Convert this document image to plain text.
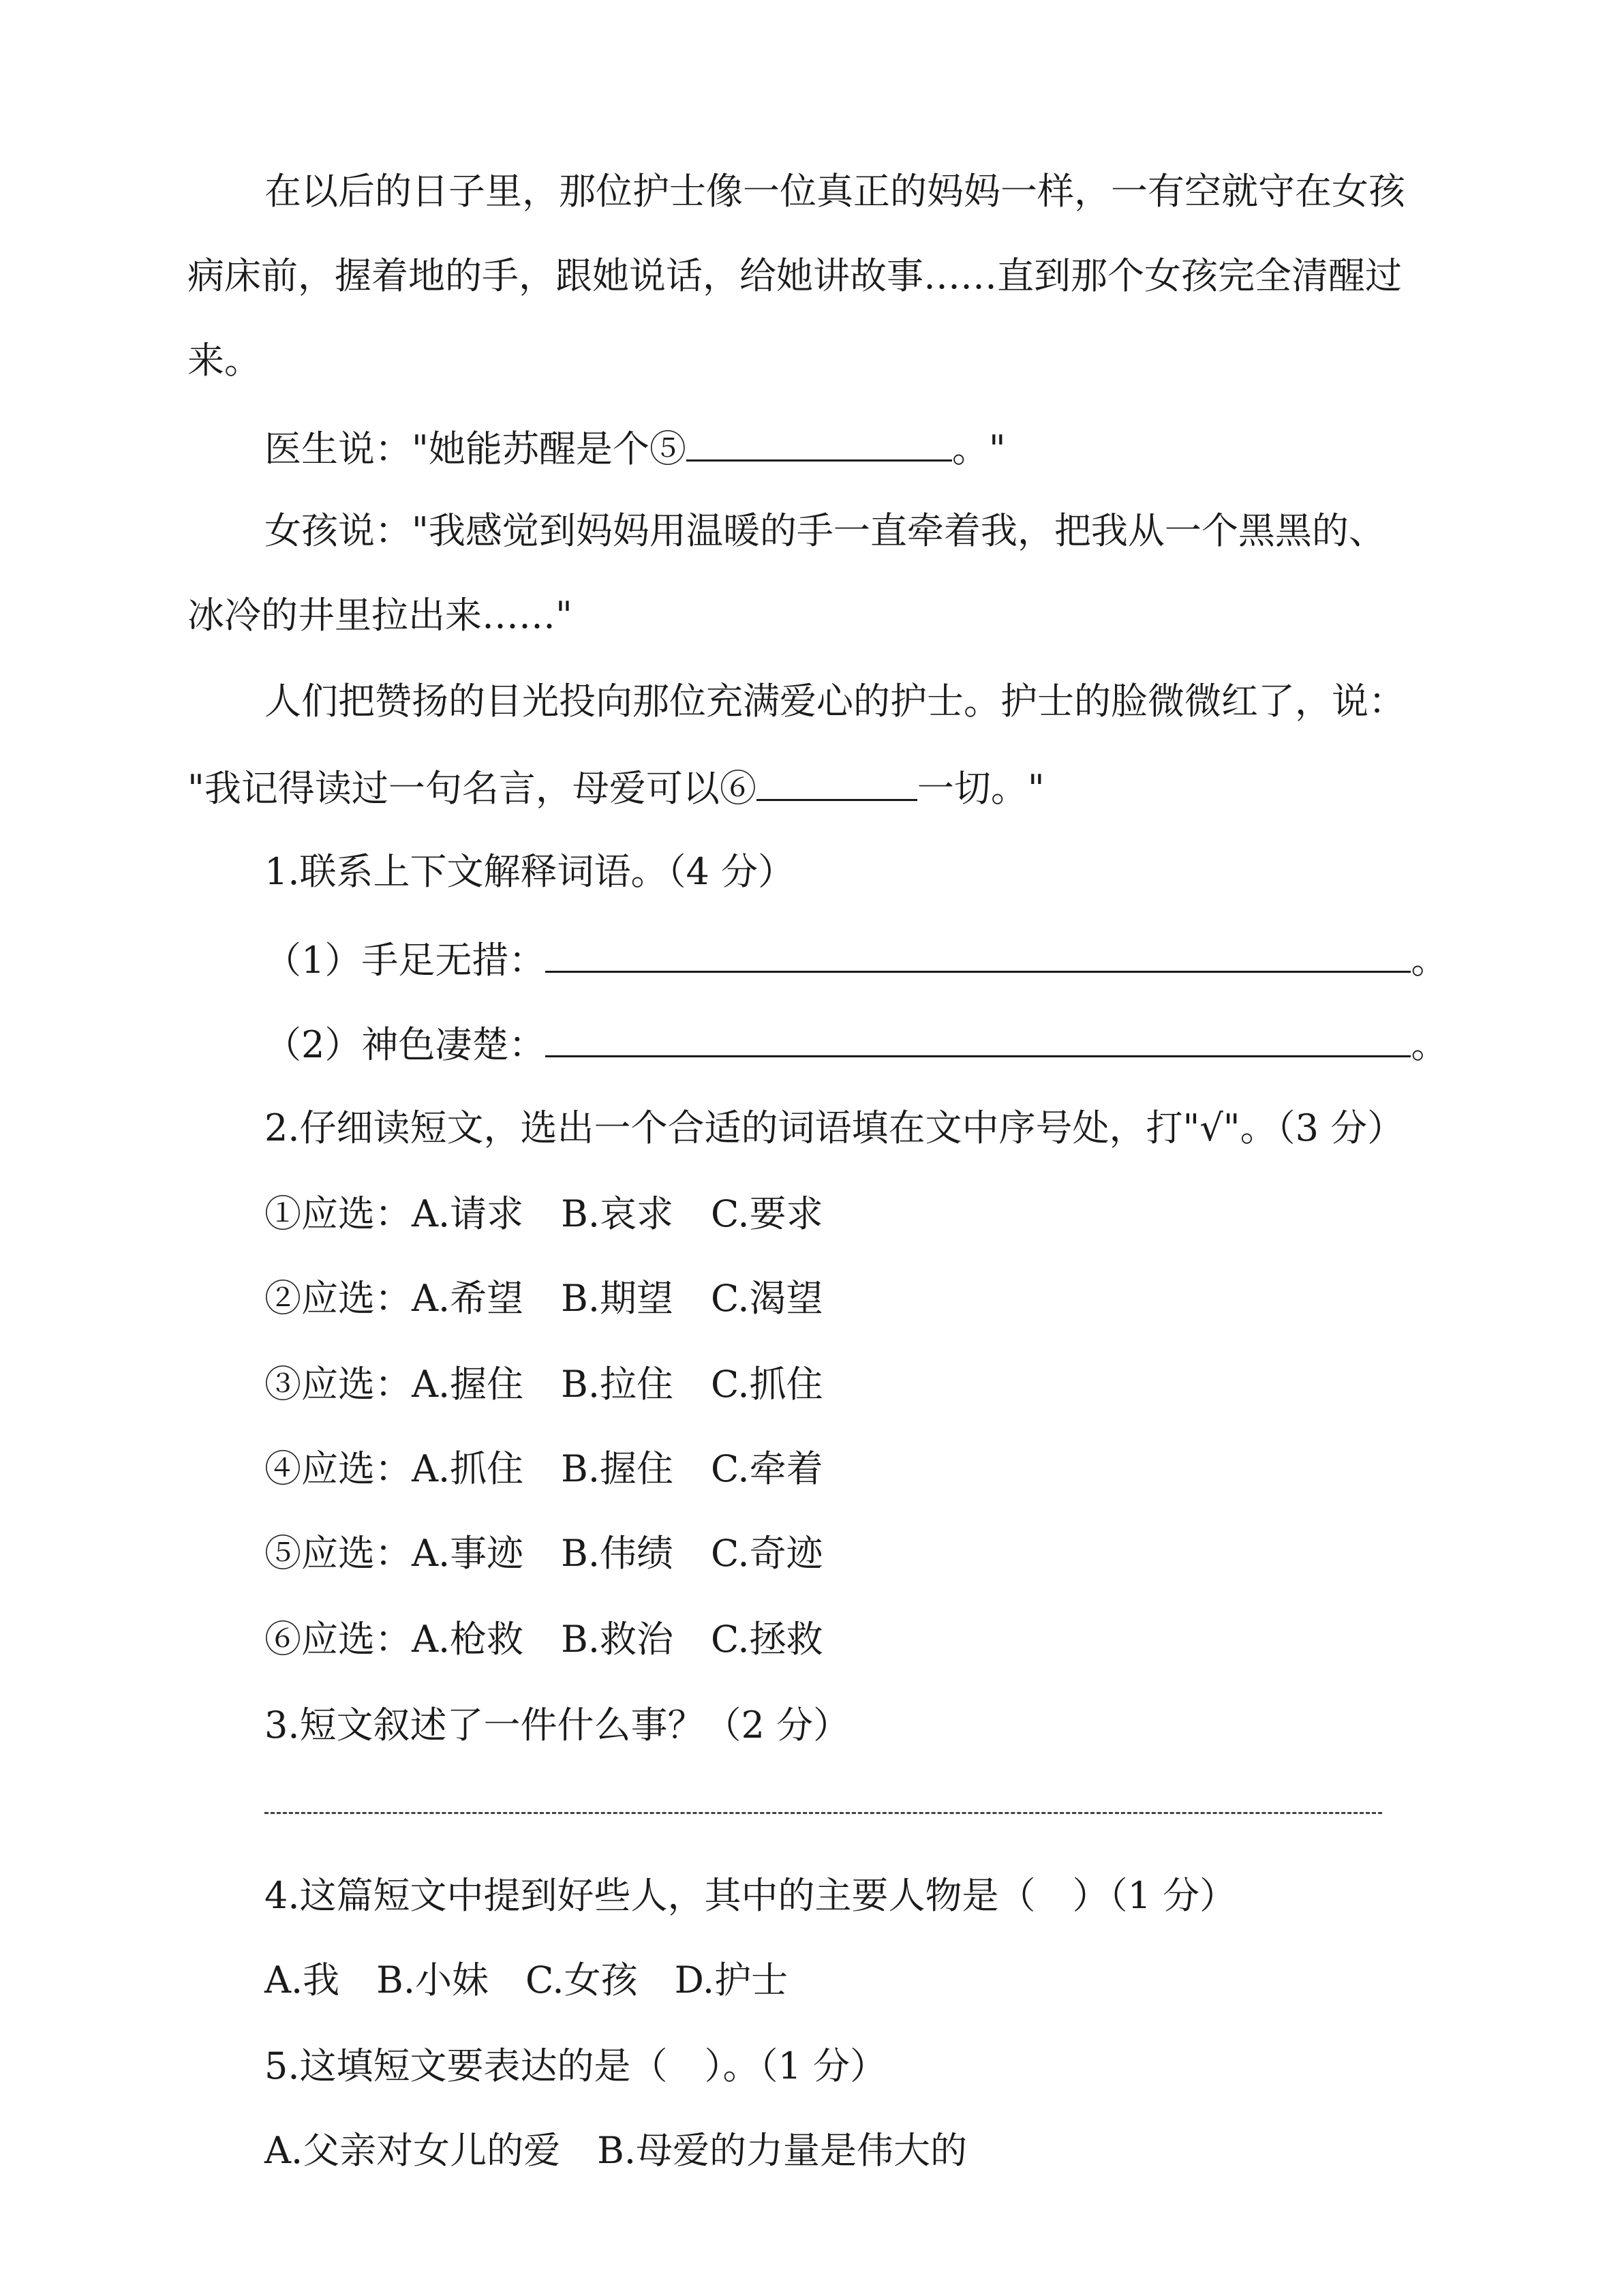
在以后的日子里，那位护士像一位真正的妈妈一样，一有空就守在女孩
病床前，握着地的手，跟她说话，给她讲故事……直到那个女孩完全清醒过
来。
医生说："她能苏醒是个⑤	。"
女孩说："我感觉到妈妈用温暖的手一直牵着我，把我从一个黑黑的、
冰冷的井里拉出来……"
人们把赞扬的目光投向那位充满爱心的护士。护士的脸微微红了，说：
"我记得读过一句名言，母爱可以⑥	一切。"
1.联系上下文解释词语。（4 分）
（1）手足无措：	。
（2）神色凄楚：	。
2.仔细读短文，选出一个合适的词语填在文中序号处，打"√"。（3 分）
①应选：A.请求 B.哀求 C.要求
②应选：A.希望 B.期望 C.渴望
③应选：A.握住 B.拉住 C.抓住
④应选：A.抓住 B.握住 C.牵着
⑤应选：A.事迹 B.伟绩 C.奇迹
⑥应选：A.枪救 B.救治 C.拯救
3.短文叙述了一件什么事？（2 分）
4.这篇短文中提到好些人，其中的主要人物是（　）（1 分）
A.我　B.小妹　C.女孩　D.护士
5.这填短文要表达的是（　）。（1 分）
A.父亲对女儿的爱　B.母爱的力量是伟大的
